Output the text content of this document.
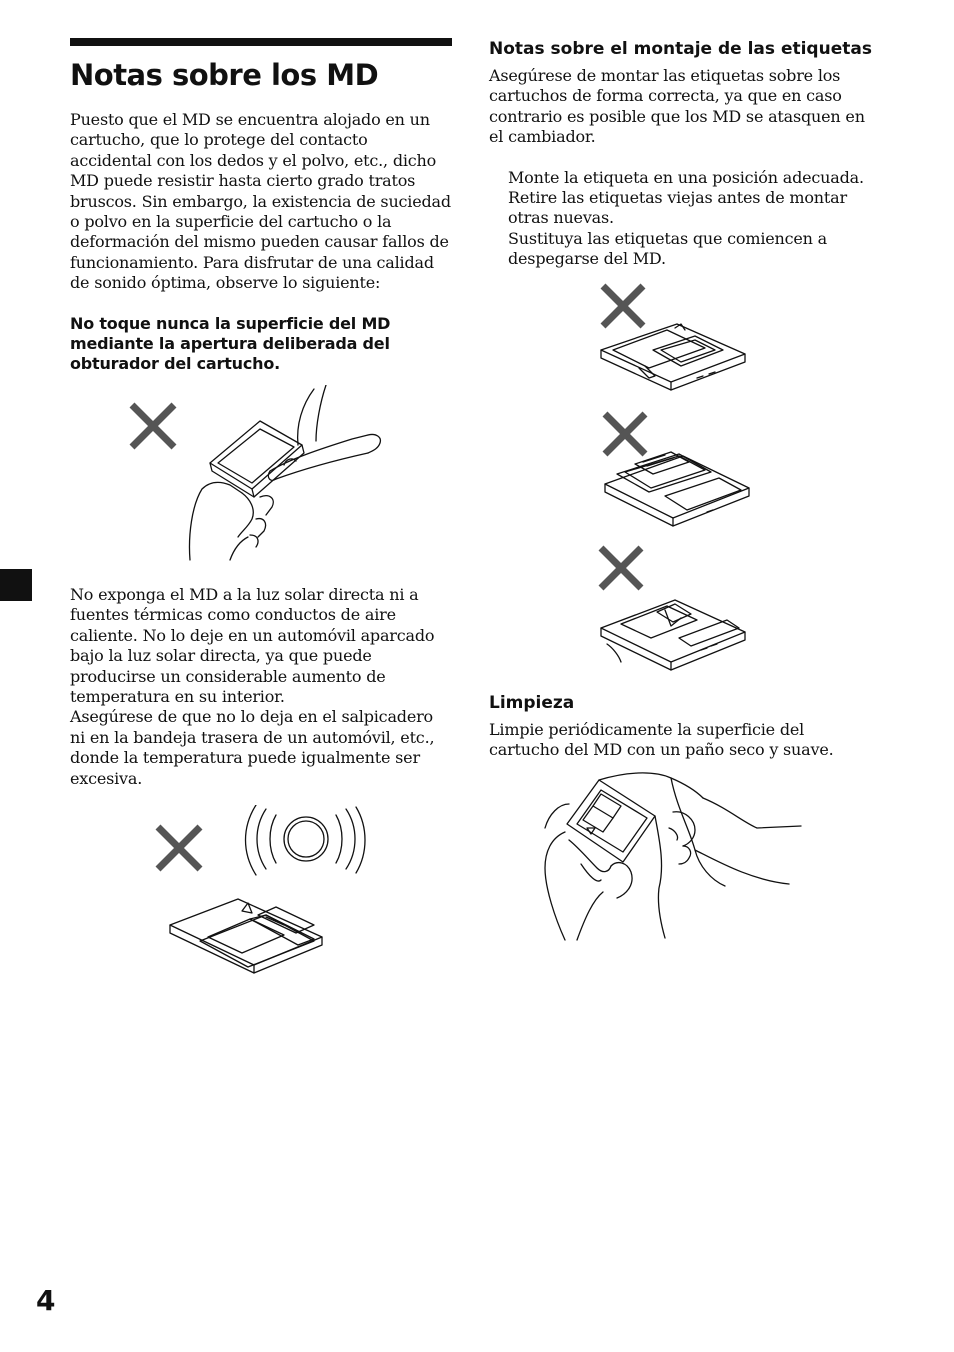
Notas sobre los MD

Puesto que el MD se encuentra alojado en un cartucho, que lo protege del contacto accidental con los dedos y el polvo, etc., dicho MD puede resistir hasta cierto grado tratos bruscos. Sin embargo, la existencia de suciedad o polvo en la superficie del cartucho o la deformación del mismo pueden causar fallos de funcionamiento. Para disfrutar de una calidad de sonido óptima, observe lo siguiente:

No toque nunca la superficie del MD mediante la apertura deliberada del obturador del cartucho.

No exponga el MD a la luz solar directa ni a fuentes térmicas como conductos de aire caliente. No lo deje en un automóvil aparcado bajo la luz solar directa, ya que puede producirse un considerable aumento de temperatura en su interior.

Asegúrese de que no lo deja en el salpicadero ni en la bandeja trasera de un automóvil, etc., donde la temperatura puede igualmente ser excesiva.

Notas sobre el montaje de las etiquetas

Asegúrese de montar las etiquetas sobre los cartuchos de forma correcta, ya que en caso contrario es posible que los MD se atasquen en el cambiador.

Monte la etiqueta en una posición adecuada.

Retire las etiquetas viejas antes de montar otras nuevas.

Sustituya las etiquetas que comiencen a despegarse del MD.

Limpieza

Limpie periódicamente la superficie del cartucho del MD con un paño seco y suave.

4
